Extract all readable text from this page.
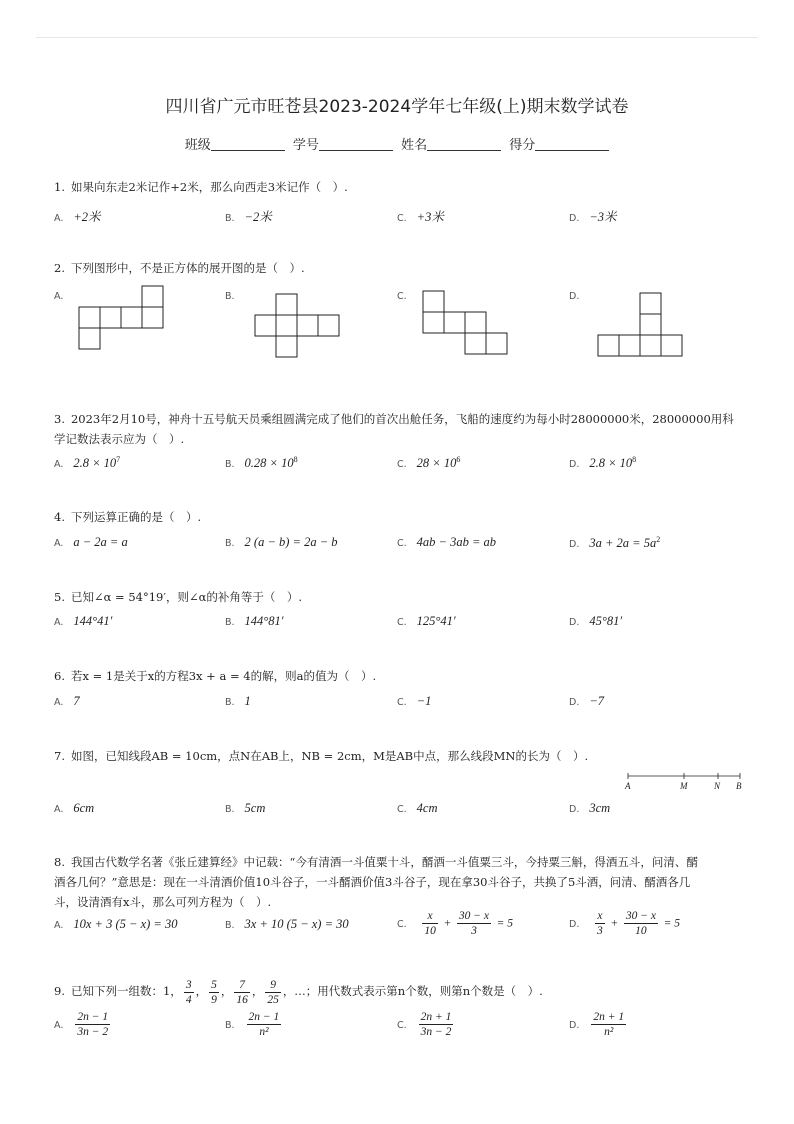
四川省广元市旺苍县2023-2024学年七年级(上)期末数学试卷
班级	学号	姓名	得分
1. 如果向东走2米记作+2米，那么向西走3米记作（　）.
A. +2米	B. −2米	C. +3米	D. −3米
2. 下列图形中，不是正方体的展开图的是（　）.
A.	B.	C.	D.
3. 2023年2月10号，神舟十五号航天员乘组圆满完成了他们的首次出舱任务，飞船的速度约为每小时28000000米，28000000用科学记数法表示应为（　）.
A. $2.8 \times 10^7$	B. $0.28 \times 10^8$	C. $28 \times 10^6$	D. $2.8 \times 10^8$
4. 下列运算正确的是（　）.
A. a − 2a = a	B. 2 (a − b) = 2a − b	C. 4ab − 3ab = ab	D. $3a + 2a = 5a^2$
5. 已知∠α = 54°19′，则∠α的补角等于（　）.
A. 144°41′	B. 144°81′	C. 125°41′	D. 45°81′
6. 若x = 1是关于x的方程3x + a = 4的解，则a的值为（　）.
A. 7	B. 1	C. −1	D. −7
7. 如图，已知线段AB = 10cm，点N在AB上，NB = 2cm，M是AB中点，那么线段MN的长为（　）.
A	M	N B
A. 6cm	B. 5cm	C. 4cm	D. 3cm
8. 我国古代数学名著《张丘建算经》中记载：“今有清酒一斗值粟十斗，醑酒一斗值粟三斗，今持粟三斛，得酒五斗，问清、醑
酒各几何？”意思是：现在一斗清酒价值10斗谷子，一斗醑酒价值3斗谷子，现在拿30斗谷子，共换了5斗酒，问清、醑酒各几
斗，设清酒有x斗，那么可列方程为（　）.
A. 10x + 3 (5 − x) = 30	B. 3x + 10 (5 − x) = 30	C. $\frac{x}{10} + \frac{30 - x}{3} = 5$	D. $\frac{x}{3} + \frac{30 - x}{10} = 5$
9. 已知下列一组数：1， $\frac{3}{4}$ ， $\frac{5}{9}$ ， $\frac{7}{16}$ ， $\frac{9}{25}$ ，…；用代数式表示第n个数，则第n个数是（　）.
A. $\frac{2n - 1}{3n - 2}$	B. $\frac{2n - 1}{\text{n²}}$	C. $\frac{2n + 1}{3n - 2}$	D. $\frac{2n + 1}{\text{n²}}$
